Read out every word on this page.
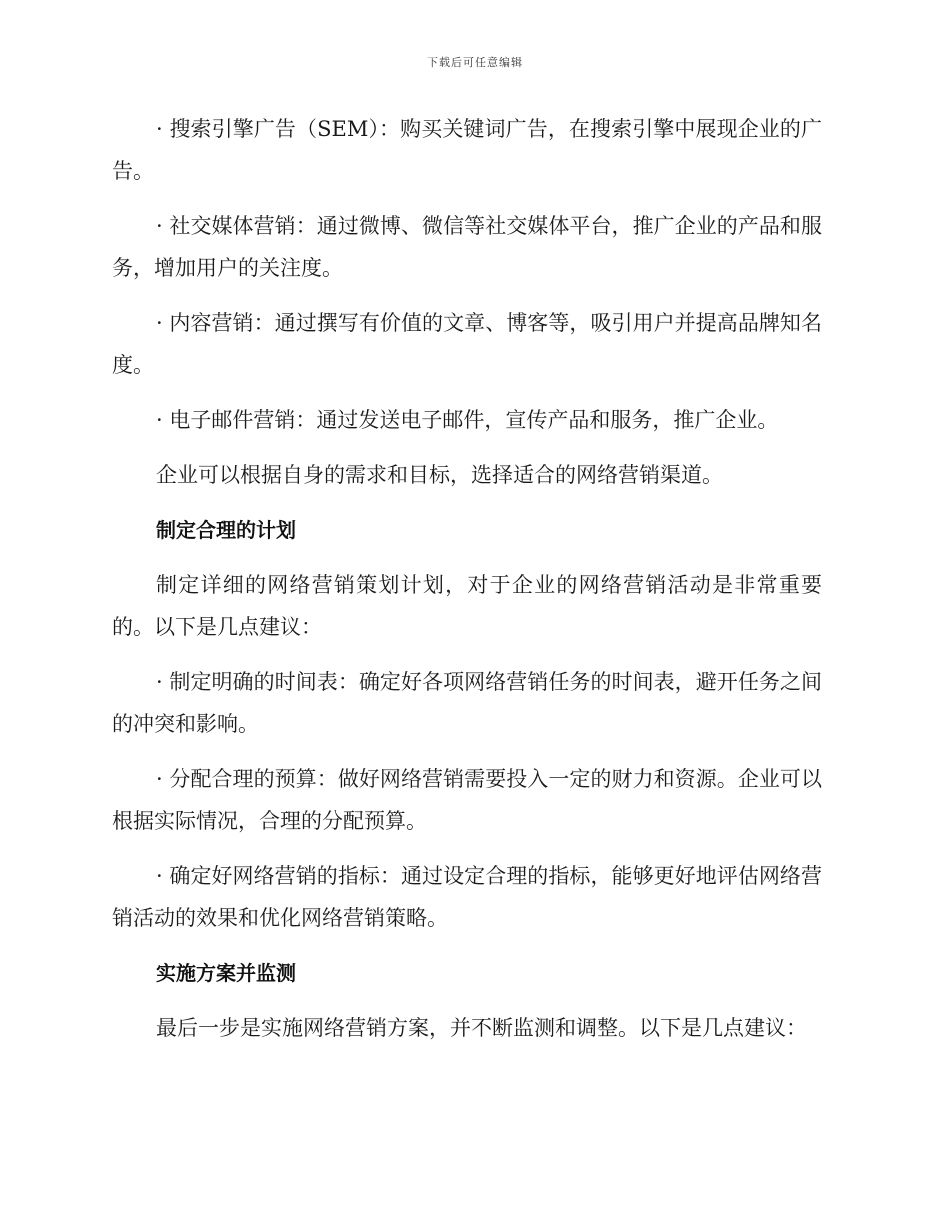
下载后可任意编辑

· 搜索引擎广告（SEM）：购买关键词广告，在搜索引擎中展现企业的广告。

· 社交媒体营销：通过微博、微信等社交媒体平台，推广企业的产品和服务，增加用户的关注度。

· 内容营销：通过撰写有价值的文章、博客等，吸引用户并提高品牌知名度。

· 电子邮件营销：通过发送电子邮件，宣传产品和服务，推广企业。

企业可以根据自身的需求和目标，选择适合的网络营销渠道。

制定合理的计划

制定详细的网络营销策划计划，对于企业的网络营销活动是非常重要的。以下是几点建议：

· 制定明确的时间表：确定好各项网络营销任务的时间表，避开任务之间的冲突和影响。

· 分配合理的预算：做好网络营销需要投入一定的财力和资源。企业可以根据实际情况，合理的分配预算。

· 确定好网络营销的指标：通过设定合理的指标，能够更好地评估网络营销活动的效果和优化网络营销策略。

实施方案并监测

最后一步是实施网络营销方案，并不断监测和调整。以下是几点建议：
